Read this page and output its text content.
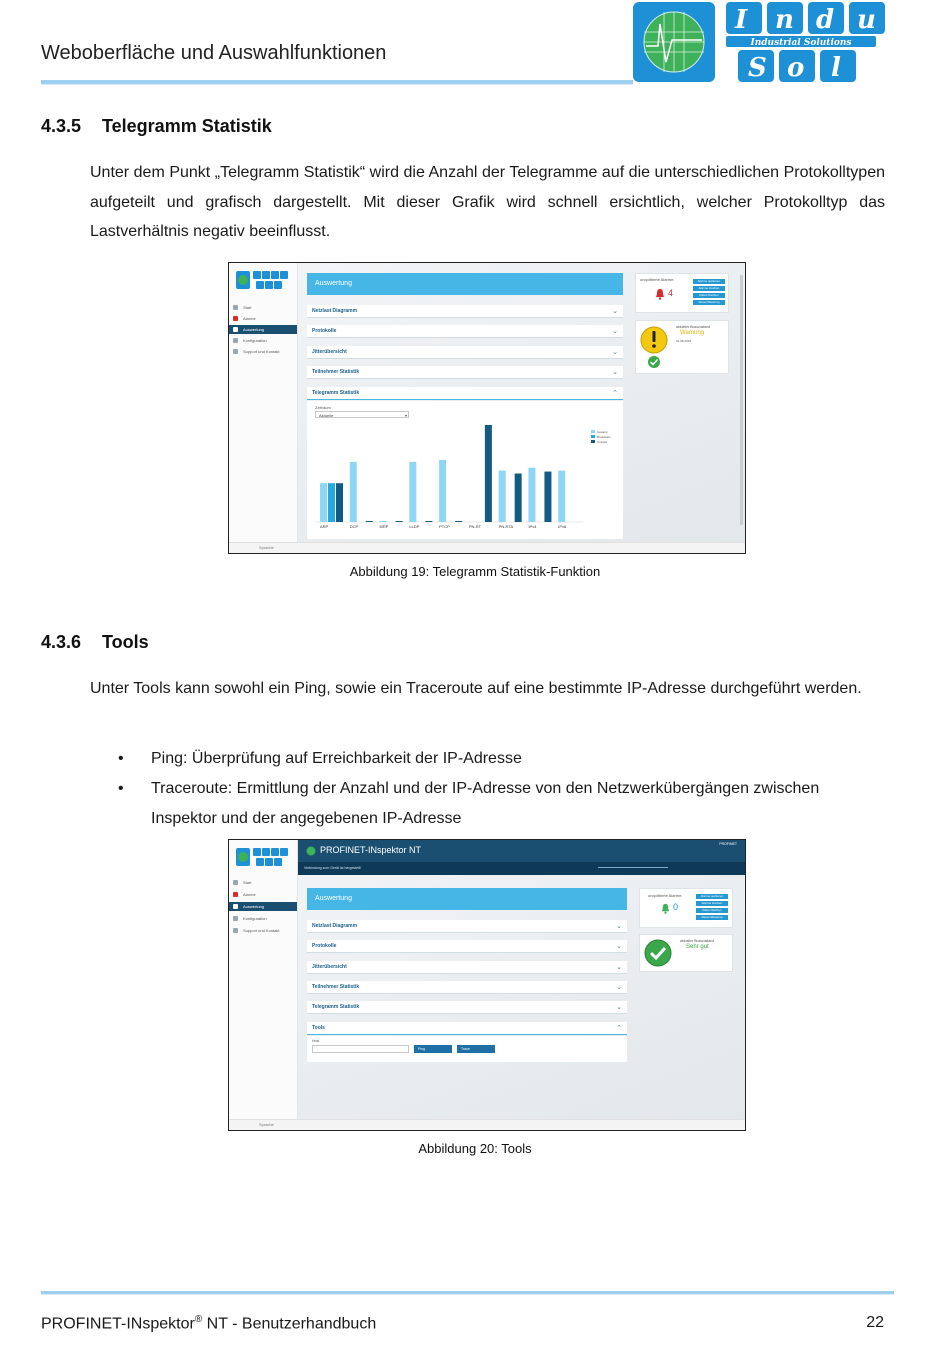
Weboberfläche und Auswahlfunktionen
I n d u
S o l
Industrial Solutions
4.3.5 Telegramm Statistik
Unter dem Punkt „Telegramm Statistik“ wird die Anzahl der Telegramme auf die unterschiedlichen Protokolltypen aufgeteilt und grafisch dargestellt. Mit dieser Grafik wird schnell ersichtlich, welcher Protokolltyp das Lastverhältnis negativ beeinflusst.
Start
Alarme
Auswertung
Konfiguration
Support und Kontakt
Auswertung
Netzlast Diagramm	⌄
Protokolle	⌄
Jitterübersicht	⌄
Teilnehmer Statistik	⌄
Telegramm Statistik	⌃
Zeitraum
Aktuelle	▾
ARP	DCP	MRP	LLDP	PTCP	PN-RT	PN-RTA	IPv4	IPv6
Gesamt
Broadcast
Unicast
unquittierte Alarme:
4
Alarme quittieren
Alarme löschen
Daten löschen
Reset Messung
aktueller Busszustand
Warnung
01.08.2016
Sprache
Abbildung 19: Telegramm Statistik-Funktion
4.3.6 Tools
Unter Tools kann sowohl ein Ping, sowie ein Traceroute auf eine bestimmte IP-Adresse durchgeführt werden.
• Ping: Überprüfung auf Erreichbarkeit der IP-Adresse
• Traceroute: Ermittlung der Anzahl und der IP-Adresse von den Netzwerkübergängen zwischen Inspektor und der angegebenen IP-Adresse
PROFINET-INspektor NT
PROFINET
Verbindung zum Gerät ist hergestellt
Start
Alarme
Auswertung
Konfiguration
Support und Kontakt
Auswertung
Netzlast Diagramm	⌄
Protokolle	⌄
Jitterübersicht	⌄
Teilnehmer Statistik	⌄
Telegramm Statistik	⌄
Tools	⌃
Host
Ping	Trace
unquittierte Alarme:
0
Alarme quittieren
Alarme löschen
Daten löschen
Reset Messung
aktueller Busszustand
Sehr gut
Sprache
Abbildung 20: Tools
PROFINET-INspektor® NT - Benutzerhandbuch	22
